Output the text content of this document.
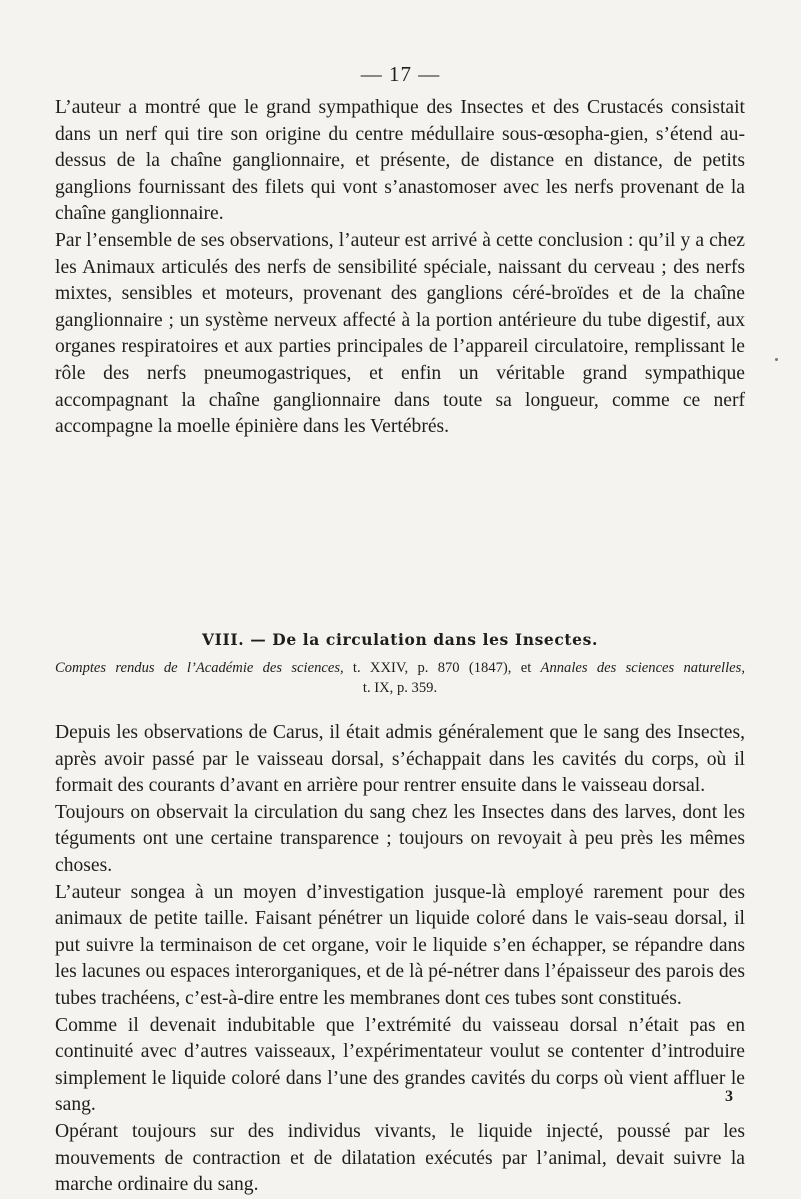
— 17 —

L’auteur a montré que le grand sympathique des Insectes et des Crustacés consistait dans un nerf qui tire son origine du centre médullaire sous-œsopha-gien, s’étend au-dessus de la chaîne ganglionnaire, et présente, de distance en distance, de petits ganglions fournissant des filets qui vont s’anastomoser avec les nerfs provenant de la chaîne ganglionnaire.

Par l’ensemble de ses observations, l’auteur est arrivé à cette conclusion : qu’il y a chez les Animaux articulés des nerfs de sensibilité spéciale, naissant du cerveau ; des nerfs mixtes, sensibles et moteurs, provenant des ganglions céré-broïdes et de la chaîne ganglionnaire ; un système nerveux affecté à la portion antérieure du tube digestif, aux organes respiratoires et aux parties principales de l’appareil circulatoire, remplissant le rôle des nerfs pneumogastriques, et enfin un véritable grand sympathique accompagnant la chaîne ganglionnaire dans toute sa longueur, comme ce nerf accompagne la moelle épinière dans les Vertébrés.

VIII. — De la circulation dans les Insectes.
Comptes rendus de l’Académie des sciences, t. XXIV, p. 870 (1847), et Annales des sciences naturelles,
t. IX, p. 359.

Depuis les observations de Carus, il était admis généralement que le sang des Insectes, après avoir passé par le vaisseau dorsal, s’échappait dans les cavités du corps, où il formait des courants d’avant en arrière pour rentrer ensuite dans le vaisseau dorsal.

Toujours on observait la circulation du sang chez les Insectes dans des larves, dont les téguments ont une certaine transparence ; toujours on revoyait à peu près les mêmes choses.

L’auteur songea à un moyen d’investigation jusque-là employé rarement pour des animaux de petite taille. Faisant pénétrer un liquide coloré dans le vais-seau dorsal, il put suivre la terminaison de cet organe, voir le liquide s’en échapper, se répandre dans les lacunes ou espaces interorganiques, et de là pé-nétrer dans l’épaisseur des parois des tubes trachéens, c’est-à-dire entre les membranes dont ces tubes sont constitués.

Comme il devenait indubitable que l’extrémité du vaisseau dorsal n’était pas en continuité avec d’autres vaisseaux, l’expérimentateur voulut se contenter d’introduire simplement le liquide coloré dans l’une des grandes cavités du corps où vient affluer le sang.

Opérant toujours sur des individus vivants, le liquide injecté, poussé par les mouvements de contraction et de dilatation exécutés par l’animal, devait suivre la marche ordinaire du sang.

3
